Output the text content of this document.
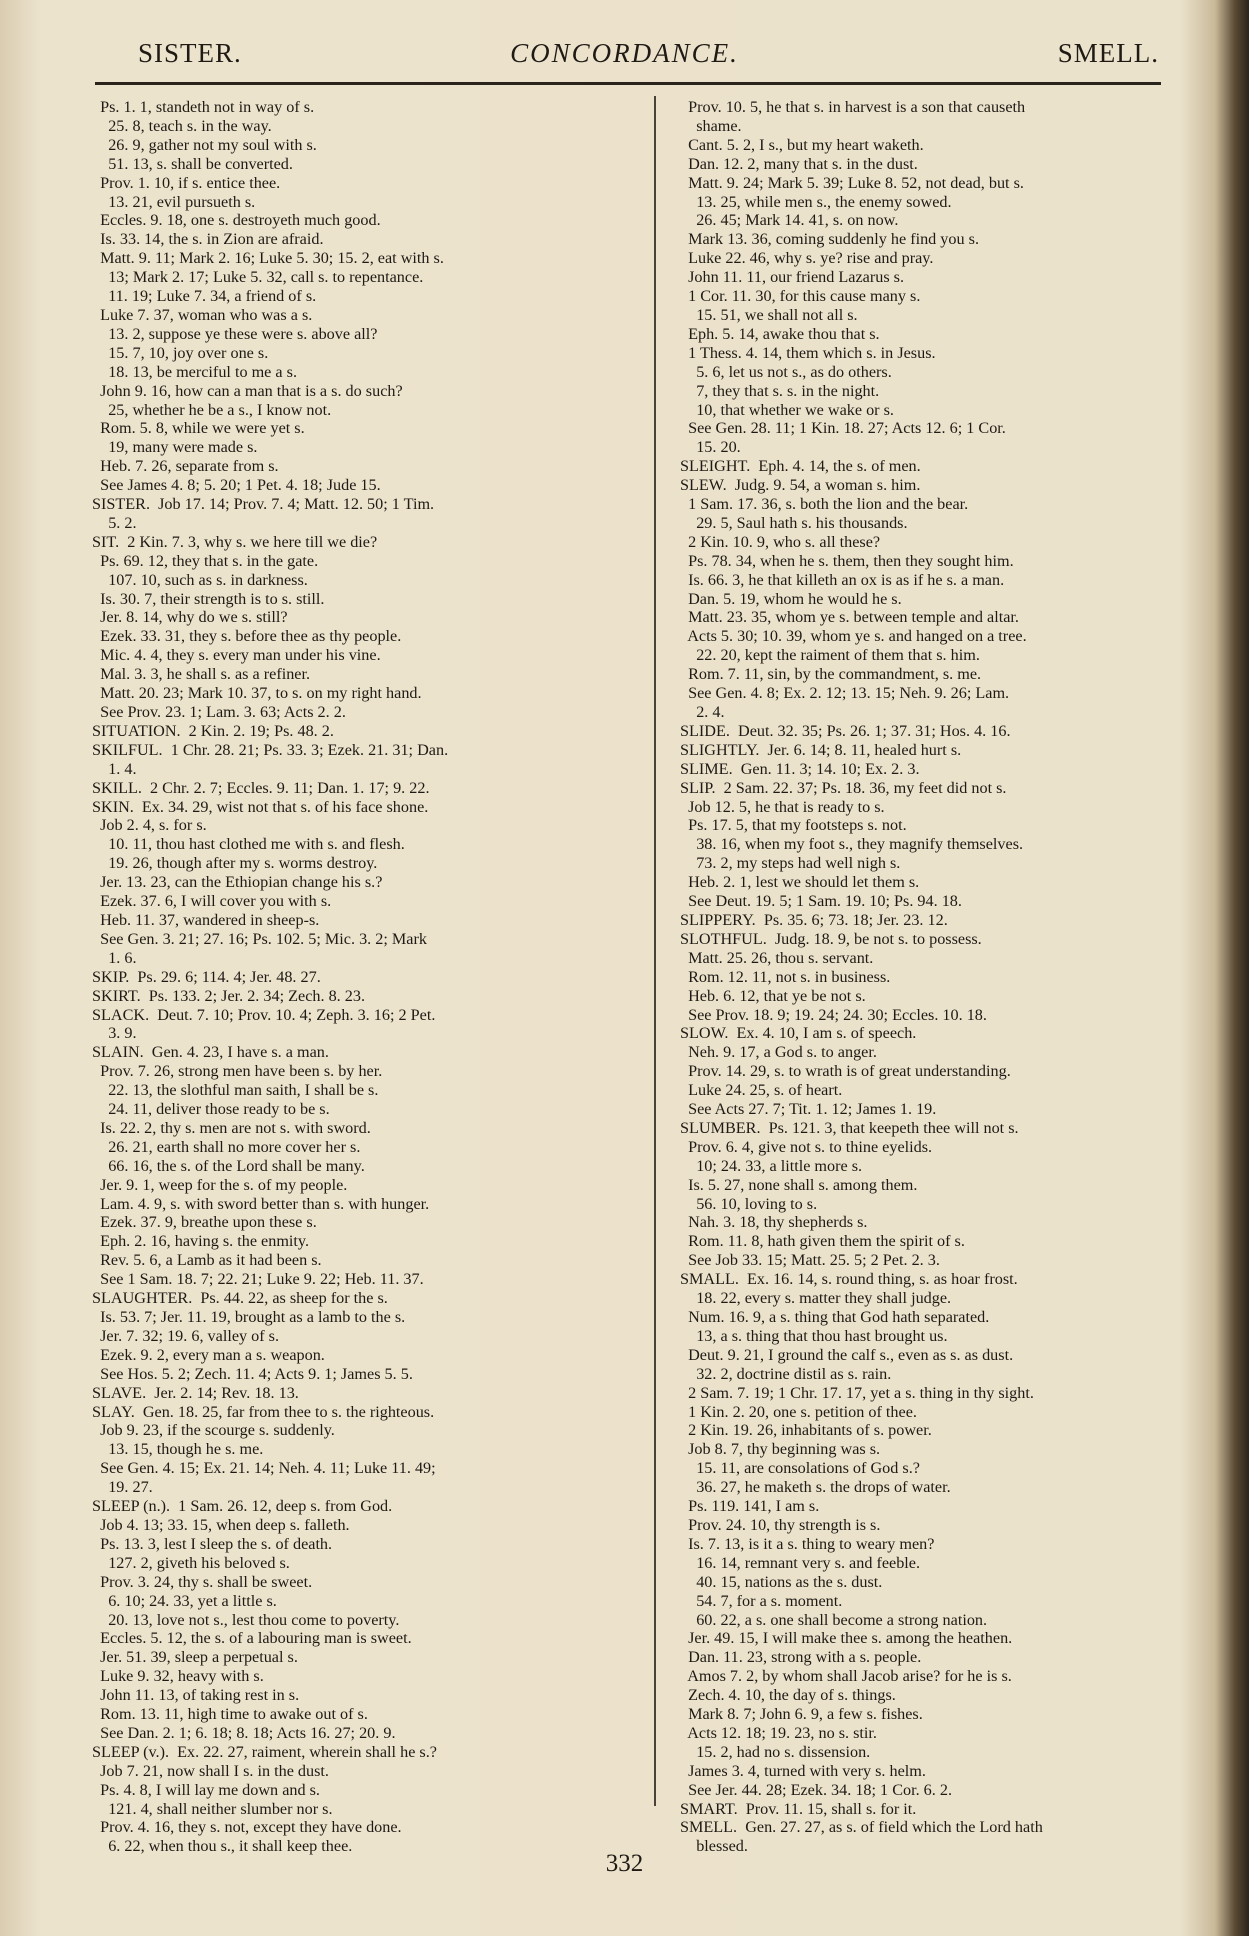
SISTER.	CONCORDANCE.	SMELL.
Ps. 1. 1, standeth not in way of s.
25. 8, teach s. in the way.
26. 9, gather not my soul with s.
51. 13, s. shall be converted.
Prov. 1. 10, if s. entice thee.
13. 21, evil pursueth s.
Eccles. 9. 18, one s. destroyeth much good.
Is. 33. 14, the s. in Zion are afraid.
Matt. 9. 11; Mark 2. 16; Luke 5. 30; 15. 2, eat with s.
13; Mark 2. 17; Luke 5. 32, call s. to repentance.
11. 19; Luke 7. 34, a friend of s.
Luke 7. 37, woman who was a s.
13. 2, suppose ye these were s. above all?
15. 7, 10, joy over one s.
18. 13, be merciful to me a s.
John 9. 16, how can a man that is a s. do such?
25, whether he be a s., I know not.
Rom. 5. 8, while we were yet s.
19, many were made s.
Heb. 7. 26, separate from s.
See James 4. 8; 5. 20; 1 Pet. 4. 18; Jude 15.
SISTER.  Job 17. 14; Prov. 7. 4; Matt. 12. 50; 1 Tim.
5. 2.
SIT.  2 Kin. 7. 3, why s. we here till we die?
Ps. 69. 12, they that s. in the gate.
107. 10, such as s. in darkness.
Is. 30. 7, their strength is to s. still.
Jer. 8. 14, why do we s. still?
Ezek. 33. 31, they s. before thee as thy people.
Mic. 4. 4, they s. every man under his vine.
Mal. 3. 3, he shall s. as a refiner.
Matt. 20. 23; Mark 10. 37, to s. on my right hand.
See Prov. 23. 1; Lam. 3. 63; Acts 2. 2.
SITUATION.  2 Kin. 2. 19; Ps. 48. 2.
SKILFUL.  1 Chr. 28. 21; Ps. 33. 3; Ezek. 21. 31; Dan.
1. 4.
SKILL.  2 Chr. 2. 7; Eccles. 9. 11; Dan. 1. 17; 9. 22.
SKIN.  Ex. 34. 29, wist not that s. of his face shone.
Job 2. 4, s. for s.
10. 11, thou hast clothed me with s. and flesh.
19. 26, though after my s. worms destroy.
Jer. 13. 23, can the Ethiopian change his s.?
Ezek. 37. 6, I will cover you with s.
Heb. 11. 37, wandered in sheep-s.
See Gen. 3. 21; 27. 16; Ps. 102. 5; Mic. 3. 2; Mark
1. 6.
SKIP.  Ps. 29. 6; 114. 4; Jer. 48. 27.
SKIRT.  Ps. 133. 2; Jer. 2. 34; Zech. 8. 23.
SLACK.  Deut. 7. 10; Prov. 10. 4; Zeph. 3. 16; 2 Pet.
3. 9.
SLAIN.  Gen. 4. 23, I have s. a man.
Prov. 7. 26, strong men have been s. by her.
22. 13, the slothful man saith, I shall be s.
24. 11, deliver those ready to be s.
Is. 22. 2, thy s. men are not s. with sword.
26. 21, earth shall no more cover her s.
66. 16, the s. of the Lord shall be many.
Jer. 9. 1, weep for the s. of my people.
Lam. 4. 9, s. with sword better than s. with hunger.
Ezek. 37. 9, breathe upon these s.
Eph. 2. 16, having s. the enmity.
Rev. 5. 6, a Lamb as it had been s.
See 1 Sam. 18. 7; 22. 21; Luke 9. 22; Heb. 11. 37.
SLAUGHTER.  Ps. 44. 22, as sheep for the s.
Is. 53. 7; Jer. 11. 19, brought as a lamb to the s.
Jer. 7. 32; 19. 6, valley of s.
Ezek. 9. 2, every man a s. weapon.
See Hos. 5. 2; Zech. 11. 4; Acts 9. 1; James 5. 5.
SLAVE.  Jer. 2. 14; Rev. 18. 13.
SLAY.  Gen. 18. 25, far from thee to s. the righteous.
Job 9. 23, if the scourge s. suddenly.
13. 15, though he s. me.
See Gen. 4. 15; Ex. 21. 14; Neh. 4. 11; Luke 11. 49;
19. 27.
SLEEP (n.).  1 Sam. 26. 12, deep s. from God.
Job 4. 13; 33. 15, when deep s. falleth.
Ps. 13. 3, lest I sleep the s. of death.
127. 2, giveth his beloved s.
Prov. 3. 24, thy s. shall be sweet.
6. 10; 24. 33, yet a little s.
20. 13, love not s., lest thou come to poverty.
Eccles. 5. 12, the s. of a labouring man is sweet.
Jer. 51. 39, sleep a perpetual s.
Luke 9. 32, heavy with s.
John 11. 13, of taking rest in s.
Rom. 13. 11, high time to awake out of s.
See Dan. 2. 1; 6. 18; 8. 18; Acts 16. 27; 20. 9.
SLEEP (v.).  Ex. 22. 27, raiment, wherein shall he s.?
Job 7. 21, now shall I s. in the dust.
Ps. 4. 8, I will lay me down and s.
121. 4, shall neither slumber nor s.
Prov. 4. 16, they s. not, except they have done.
6. 22, when thou s., it shall keep thee.
Prov. 10. 5, he that s. in harvest is a son that causeth
shame.
Cant. 5. 2, I s., but my heart waketh.
Dan. 12. 2, many that s. in the dust.
Matt. 9. 24; Mark 5. 39; Luke 8. 52, not dead, but s.
13. 25, while men s., the enemy sowed.
26. 45; Mark 14. 41, s. on now.
Mark 13. 36, coming suddenly he find you s.
Luke 22. 46, why s. ye? rise and pray.
John 11. 11, our friend Lazarus s.
1 Cor. 11. 30, for this cause many s.
15. 51, we shall not all s.
Eph. 5. 14, awake thou that s.
1 Thess. 4. 14, them which s. in Jesus.
5. 6, let us not s., as do others.
7, they that s. s. in the night.
10, that whether we wake or s.
See Gen. 28. 11; 1 Kin. 18. 27; Acts 12. 6; 1 Cor.
15. 20.
SLEIGHT.  Eph. 4. 14, the s. of men.
SLEW.  Judg. 9. 54, a woman s. him.
1 Sam. 17. 36, s. both the lion and the bear.
29. 5, Saul hath s. his thousands.
2 Kin. 10. 9, who s. all these?
Ps. 78. 34, when he s. them, then they sought him.
Is. 66. 3, he that killeth an ox is as if he s. a man.
Dan. 5. 19, whom he would he s.
Matt. 23. 35, whom ye s. between temple and altar.
Acts 5. 30; 10. 39, whom ye s. and hanged on a tree.
22. 20, kept the raiment of them that s. him.
Rom. 7. 11, sin, by the commandment, s. me.
See Gen. 4. 8; Ex. 2. 12; 13. 15; Neh. 9. 26; Lam.
2. 4.
SLIDE.  Deut. 32. 35; Ps. 26. 1; 37. 31; Hos. 4. 16.
SLIGHTLY.  Jer. 6. 14; 8. 11, healed hurt s.
SLIME.  Gen. 11. 3; 14. 10; Ex. 2. 3.
SLIP.  2 Sam. 22. 37; Ps. 18. 36, my feet did not s.
Job 12. 5, he that is ready to s.
Ps. 17. 5, that my footsteps s. not.
38. 16, when my foot s., they magnify themselves.
73. 2, my steps had well nigh s.
Heb. 2. 1, lest we should let them s.
See Deut. 19. 5; 1 Sam. 19. 10; Ps. 94. 18.
SLIPPERY.  Ps. 35. 6; 73. 18; Jer. 23. 12.
SLOTHFUL.  Judg. 18. 9, be not s. to possess.
Matt. 25. 26, thou s. servant.
Rom. 12. 11, not s. in business.
Heb. 6. 12, that ye be not s.
See Prov. 18. 9; 19. 24; 24. 30; Eccles. 10. 18.
SLOW.  Ex. 4. 10, I am s. of speech.
Neh. 9. 17, a God s. to anger.
Prov. 14. 29, s. to wrath is of great understanding.
Luke 24. 25, s. of heart.
See Acts 27. 7; Tit. 1. 12; James 1. 19.
SLUMBER.  Ps. 121. 3, that keepeth thee will not s.
Prov. 6. 4, give not s. to thine eyelids.
10; 24. 33, a little more s.
Is. 5. 27, none shall s. among them.
56. 10, loving to s.
Nah. 3. 18, thy shepherds s.
Rom. 11. 8, hath given them the spirit of s.
See Job 33. 15; Matt. 25. 5; 2 Pet. 2. 3.
SMALL.  Ex. 16. 14, s. round thing, s. as hoar frost.
18. 22, every s. matter they shall judge.
Num. 16. 9, a s. thing that God hath separated.
13, a s. thing that thou hast brought us.
Deut. 9. 21, I ground the calf s., even as s. as dust.
32. 2, doctrine distil as s. rain.
2 Sam. 7. 19; 1 Chr. 17. 17, yet a s. thing in thy sight.
1 Kin. 2. 20, one s. petition of thee.
2 Kin. 19. 26, inhabitants of s. power.
Job 8. 7, thy beginning was s.
15. 11, are consolations of God s.?
36. 27, he maketh s. the drops of water.
Ps. 119. 141, I am s.
Prov. 24. 10, thy strength is s.
Is. 7. 13, is it a s. thing to weary men?
16. 14, remnant very s. and feeble.
40. 15, nations as the s. dust.
54. 7, for a s. moment.
60. 22, a s. one shall become a strong nation.
Jer. 49. 15, I will make thee s. among the heathen.
Dan. 11. 23, strong with a s. people.
Amos 7. 2, by whom shall Jacob arise? for he is s.
Zech. 4. 10, the day of s. things.
Mark 8. 7; John 6. 9, a few s. fishes.
Acts 12. 18; 19. 23, no s. stir.
15. 2, had no s. dissension.
James 3. 4, turned with very s. helm.
See Jer. 44. 28; Ezek. 34. 18; 1 Cor. 6. 2.
SMART.  Prov. 11. 15, shall s. for it.
SMELL.  Gen. 27. 27, as s. of field which the Lord hath
blessed.
332
